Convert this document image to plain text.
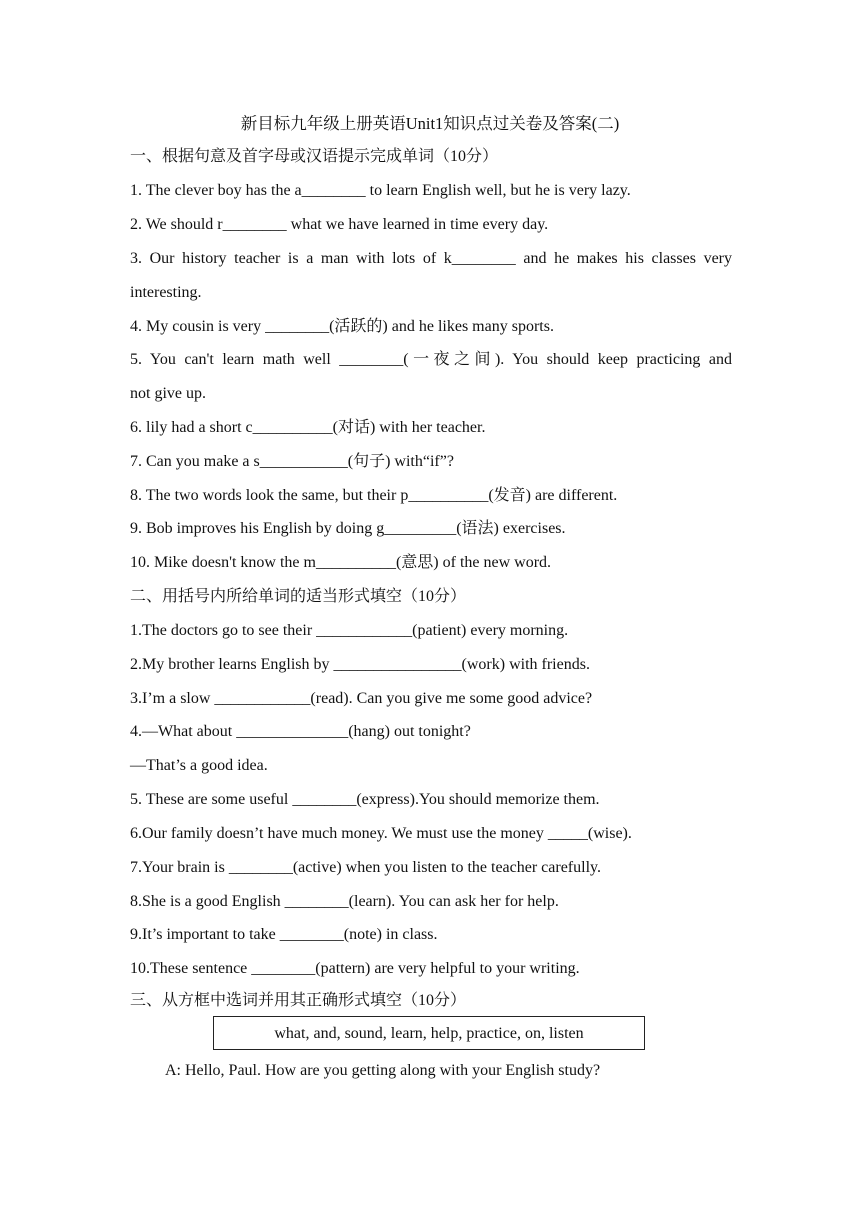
新目标九年级上册英语Unit1知识点过关卷及答案(二)
一、根据句意及首字母或汉语提示完成单词（10分）
1. The clever boy has the a________ to learn English well, but he is very lazy.
2. We should r________ what we have learned in time every day.
3. Our history teacher is a man with lots of k________ and he makes his classes very
interesting.
4. My cousin is very ________(活跃的) and he likes many sports.
5. You can't learn math well ________(一夜之间). You should keep practicing and
not give up.
6. lily had a short c__________(对话) with her teacher.
7. Can you make a s___________(句子) with“if”?
8. The two words look the same, but their p__________(发音) are different.
9. Bob improves his English by doing g_________(语法) exercises.
10. Mike doesn't know the m__________(意思) of the new word.
二、用括号内所给单词的适当形式填空（10分）
1.The doctors go to see their ____________(patient) every morning.
2.My brother learns English by ________________(work) with friends.
3.I’m a slow ____________(read). Can you give me some good advice?
4.—What about ______________(hang) out tonight?
—That’s a good idea.
5. These are some useful ________(express).You should memorize them.
6.Our family doesn’t have much money. We must use the money _____(wise).
7.Your brain is ________(active) when you listen to the teacher carefully.
8.She is a good English ________(learn). You can ask her for help.
9.It’s important to take ________(note) in class.
10.These sentence ________(pattern) are very helpful to your writing.
三、从方框中选词并用其正确形式填空（10分）
what, and, sound, learn, help, practice, on, listen
A: Hello, Paul. How are you getting along with your English study?
